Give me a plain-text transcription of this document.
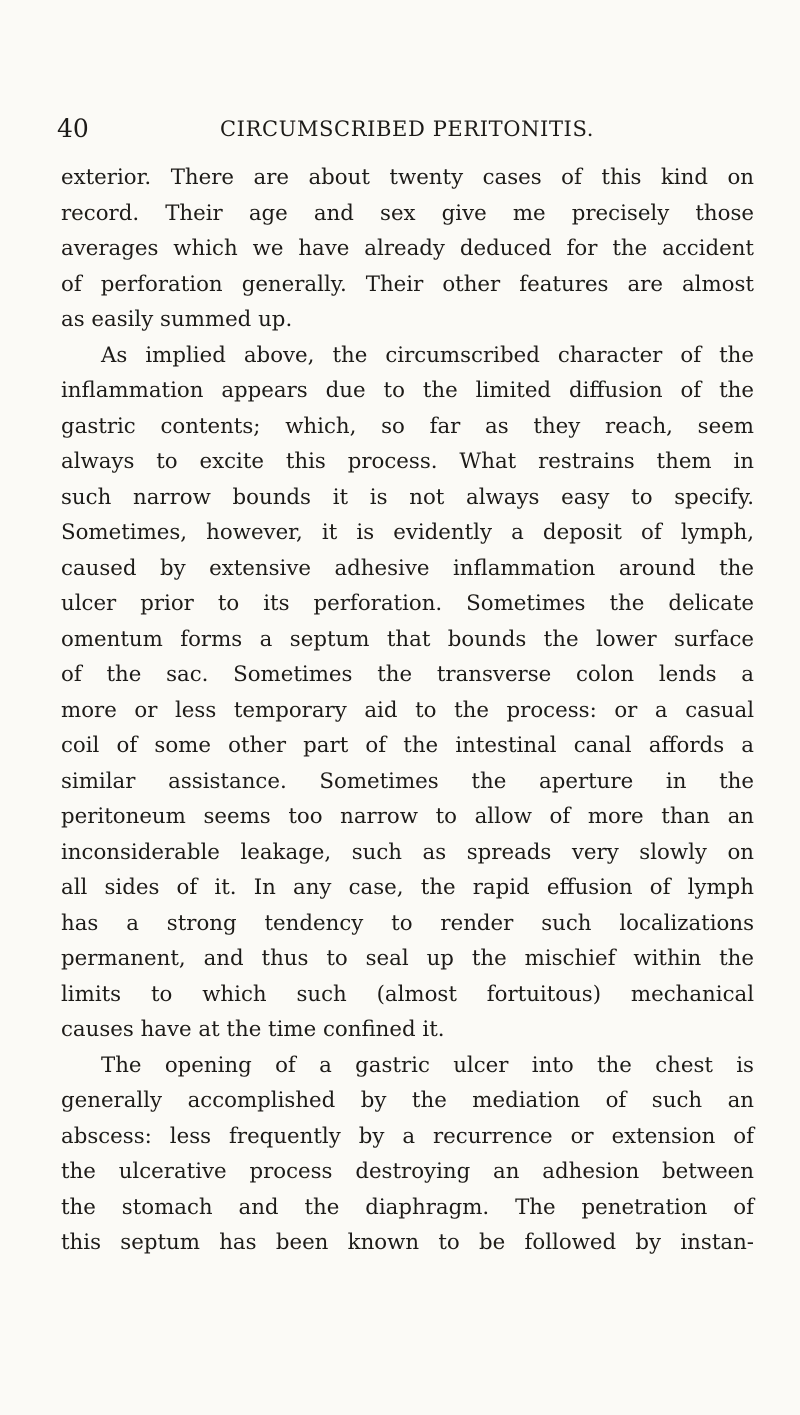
40	CIRCUMSCRIBED PERITONITIS.
exterior. There are about twenty cases of this kind on
record. Their age and sex give me precisely those
averages which we have already deduced for the accident
of perforation generally. Their other features are almost
as easily summed up.
As implied above, the circumscribed character of the
inflammation appears due to the limited diffusion of the
gastric contents; which, so far as they reach, seem
always to excite this process. What restrains them in
such narrow bounds it is not always easy to specify.
Sometimes, however, it is evidently a deposit of lymph,
caused by extensive adhesive inflammation around the
ulcer prior to its perforation. Sometimes the delicate
omentum forms a septum that bounds the lower surface
of the sac. Sometimes the transverse colon lends a
more or less temporary aid to the process: or a casual
coil of some other part of the intestinal canal affords a
similar assistance. Sometimes the aperture in the
peritoneum seems too narrow to allow of more than an
inconsiderable leakage, such as spreads very slowly on
all sides of it. In any case, the rapid effusion of lymph
has a strong tendency to render such localizations
permanent, and thus to seal up the mischief within the
limits to which such (almost fortuitous) mechanical
causes have at the time confined it.
The opening of a gastric ulcer into the chest is
generally accomplished by the mediation of such an
abscess: less frequently by a recurrence or extension of
the ulcerative process destroying an adhesion between
the stomach and the diaphragm. The penetration of
this septum has been known to be followed by instan-
